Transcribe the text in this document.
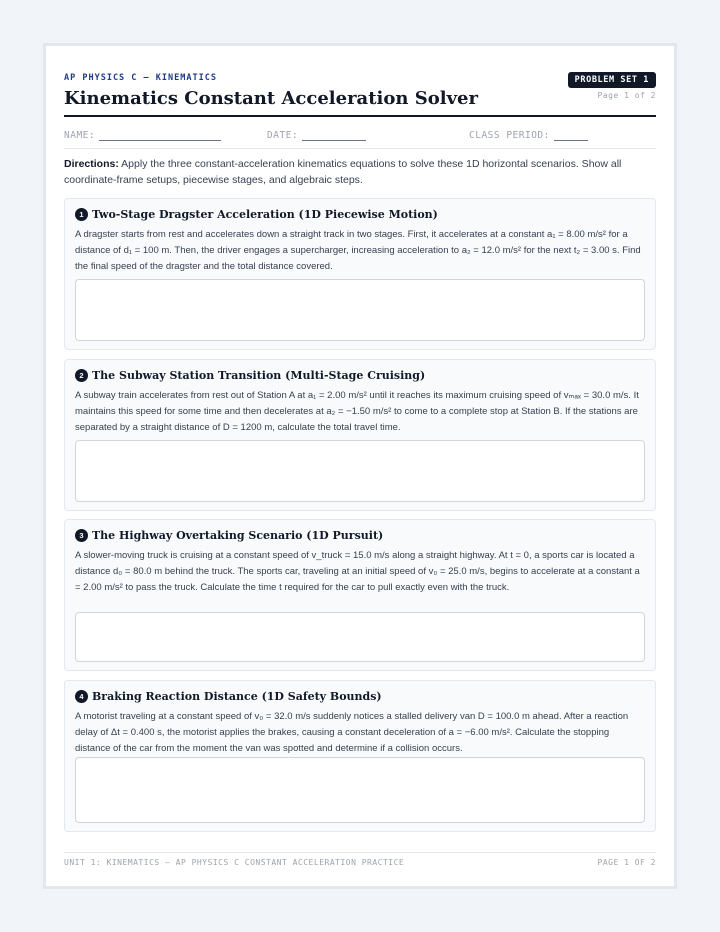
AP PHYSICS C — KINEMATICS	PROBLEM SET 1
Page 1 of 2
Kinematics Constant Acceleration Solver
NAME:	DATE:	CLASS PERIOD:
Directions: Apply the three constant-acceleration kinematics equations to solve these 1D horizontal scenarios. Show all coordinate-frame setups, piecewise stages, and algebraic steps.
1 Two-Stage Dragster Acceleration (1D Piecewise Motion)
A dragster starts from rest and accelerates down a straight track in two stages. First, it accelerates at a constant a₁ = 8.00 m/s² for a distance of d₁ = 100 m. Then, the driver engages a supercharger, increasing acceleration to a₂ = 12.0 m/s² for the next t₂ = 3.00 s. Find the final speed of the dragster and the total distance covered.
2 The Subway Station Transition (Multi-Stage Cruising)
A subway train accelerates from rest out of Station A at a₁ = 2.00 m/s² until it reaches its maximum cruising speed of vₘₐₓ = 30.0 m/s. It maintains this speed for some time and then decelerates at a₂ = −1.50 m/s² to come to a complete stop at Station B. If the stations are separated by a straight distance of D = 1200 m, calculate the total travel time.
3 The Highway Overtaking Scenario (1D Pursuit)
A slower-moving truck is cruising at a constant speed of v_truck = 15.0 m/s along a straight highway. At t = 0, a sports car is located a distance d₀ = 80.0 m behind the truck. The sports car, traveling at an initial speed of v₀ = 25.0 m/s, begins to accelerate at a constant a = 2.00 m/s² to pass the truck. Calculate the time t required for the car to pull exactly even with the truck.
4 Braking Reaction Distance (1D Safety Bounds)
A motorist traveling at a constant speed of v₀ = 32.0 m/s suddenly notices a stalled delivery van D = 100.0 m ahead. After a reaction delay of Δt = 0.400 s, the motorist applies the brakes, causing a constant deceleration of a = −6.00 m/s². Calculate the stopping distance of the car from the moment the van was spotted and determine if a collision occurs.
UNIT 1: KINEMATICS — AP PHYSICS C CONSTANT ACCELERATION PRACTICE	PAGE 1 OF 2
